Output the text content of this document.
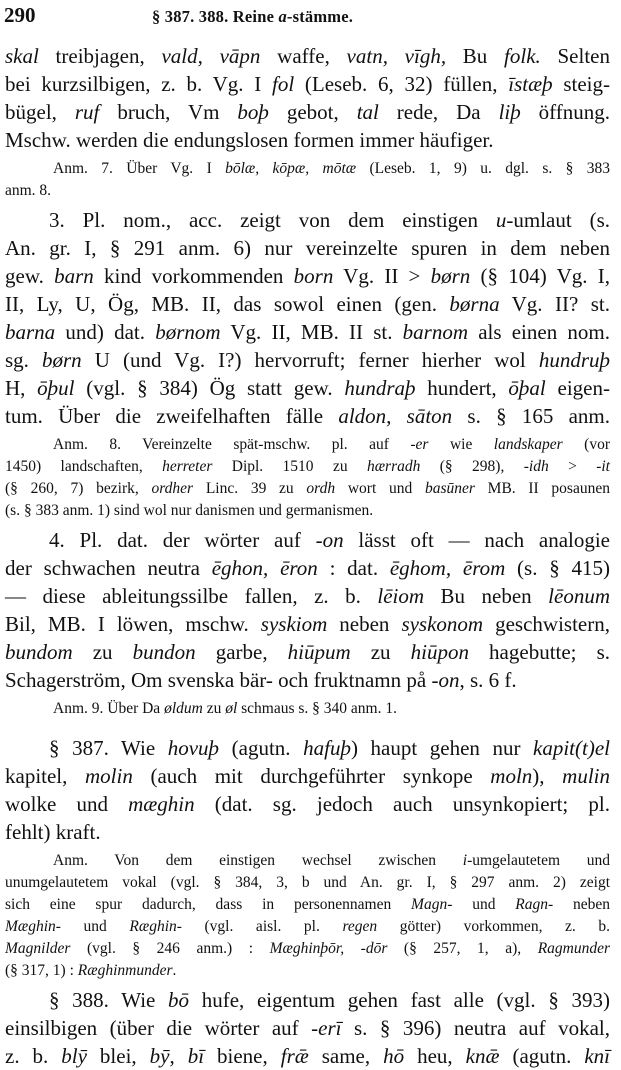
290	§ 387. 388. Reine a-stämme.
skal treibjagen, vald, vāpn waffe, vatn, vīgh, Bu folk. Selten
bei kurzsilbigen, z. b. Vg. I fol (Leseb. 6, 32) füllen, īstæþ steig-
bügel, ruf bruch, Vm boþ gebot, tal rede, Da liþ öffnung.
Mschw. werden die endungslosen formen immer häufiger.
Anm. 7. Über Vg. I bōlæ, kōpæ, mōtæ (Leseb. 1, 9) u. dgl. s. § 383
anm. 8.
3. Pl. nom., acc. zeigt von dem einstigen u-umlaut (s.
An. gr. I, § 291 anm. 6) nur vereinzelte spuren in dem neben
gew. barn kind vorkommenden born Vg. II > børn (§ 104) Vg. I,
II, Ly, U, Ög, MB. II, das sowol einen (gen. børna Vg. II? st.
barna und) dat. børnom Vg. II, MB. II st. barnom als einen nom.
sg. børn U (und Vg. I?) hervorruft; ferner hierher wol hundruþ
H, ōþul (vgl. § 384) Ög statt gew. hundraþ hundert, ōþal eigen-
tum. Über die zweifelhaften fälle aldon, sāton s. § 165 anm.
Anm. 8. Vereinzelte spät-mschw. pl. auf -er wie landskaper (vor
1450) landschaften, herreter Dipl. 1510 zu hærradh (§ 298), -idh > -it
(§ 260, 7) bezirk, ordher Linc. 39 zu ordh wort und basūner MB. II posaunen
(s. § 383 anm. 1) sind wol nur danismen und germanismen.
4. Pl. dat. der wörter auf -on lässt oft — nach analogie
der schwachen neutra ēghon, ēron : dat. ēghom, ērom (s. § 415)
— diese ableitungssilbe fallen, z. b. lēiom Bu neben lēonum
Bil, MB. I löwen, mschw. syskiom neben syskonom geschwistern,
bundom zu bundon garbe, hiūpum zu hiūpon hagebutte; s.
Schagerström, Om svenska bär- och fruktnamn på -on, s. 6 f.
Anm. 9. Über Da øldum zu øl schmaus s. § 340 anm. 1.
§ 387. Wie hovuþ (agutn. hafuþ) haupt gehen nur kapit(t)el
kapitel, molin (auch mit durchgeführter synkope moln), mulin
wolke und mæghin (dat. sg. jedoch auch unsynkopiert; pl.
fehlt) kraft.
Anm. Von dem einstigen wechsel zwischen i-umgelautetem und
unumgelautetem vokal (vgl. § 384, 3, b und An. gr. I, § 297 anm. 2) zeigt
sich eine spur dadurch, dass in personennamen Magn- und Ragn- neben
Mæghin- und Ræghin- (vgl. aisl. pl. regen götter) vorkommen, z. b.
Magnilder (vgl. § 246 anm.) : Mæghinþōr, -dōr (§ 257, 1, a), Ragmunder
(§ 317, 1) : Ræghinmunder.
§ 388. Wie bō hufe, eigentum gehen fast alle (vgl. § 393)
einsilbigen (über die wörter auf -erī s. § 396) neutra auf vokal,
z. b. blȳ blei, bȳ, bī biene, frǣ same, hō heu, knǣ (agutn. knī
